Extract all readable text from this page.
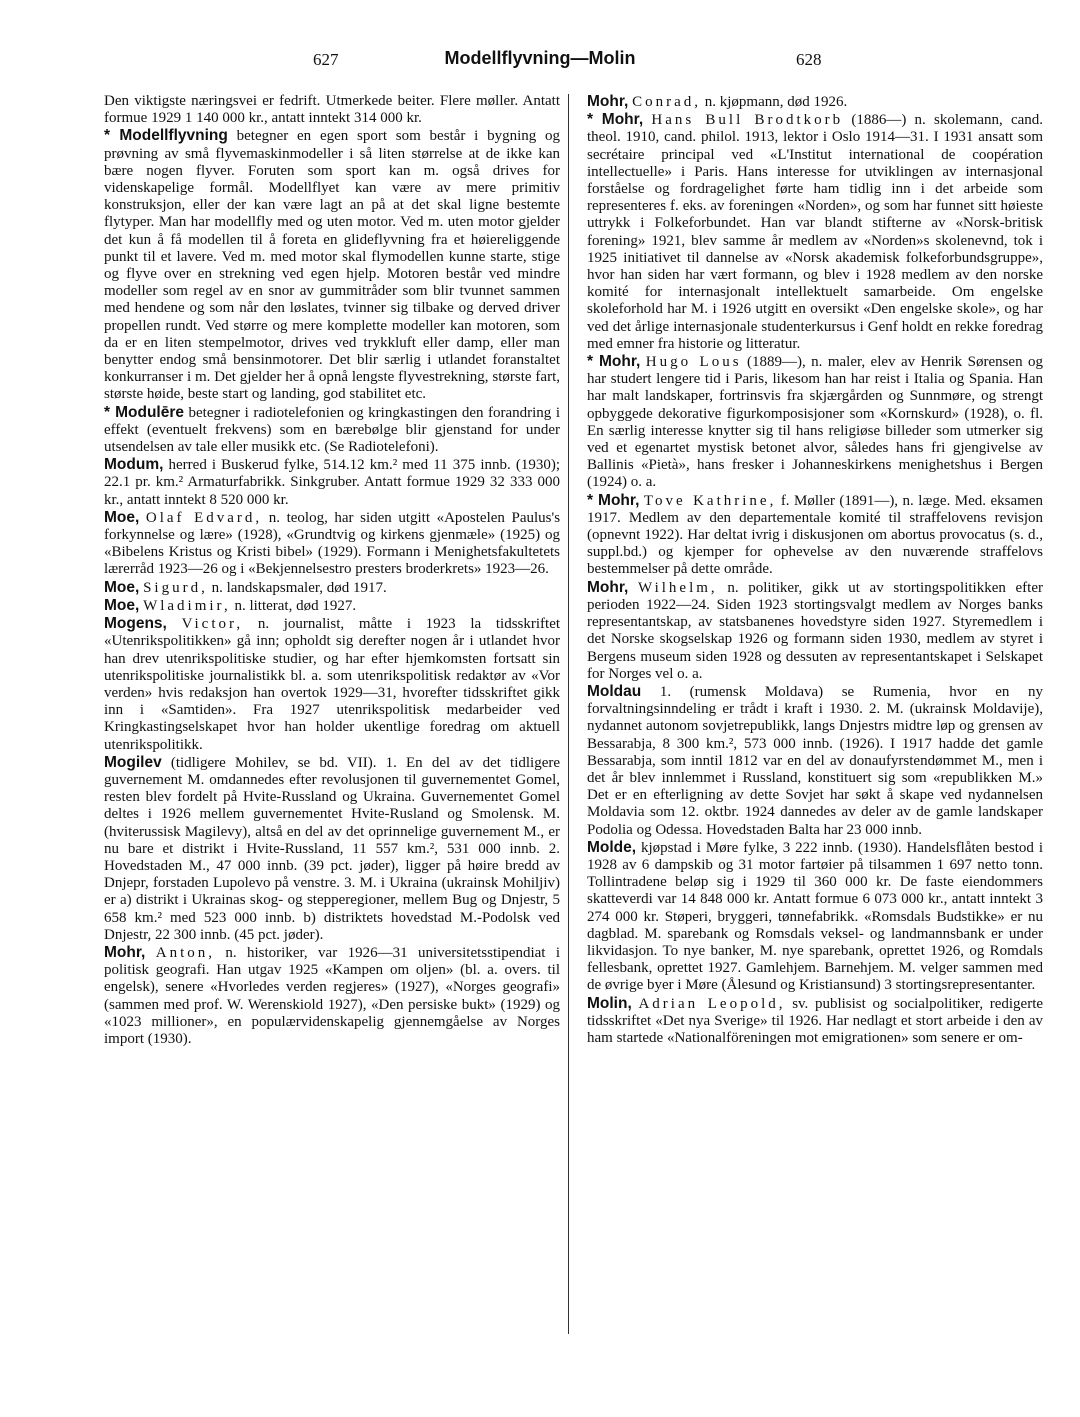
627	Modellflyvning—Molin	628

Den viktigste næringsvei er fedrift. Utmerkede beiter. Flere møller. Antatt formue 1929 1 140 000 kr., antatt inntekt 314 000 kr.

* Modellflyvning betegner en egen sport som består i bygning og prøvning av små flyvemaskinmodeller i så liten størrelse at de ikke kan bære nogen flyver. Foruten som sport kan m. også drives for videnskapelige formål. Modellflyet kan være av mere primitiv konstruksjon, eller der kan være lagt an på at det skal ligne bestemte flytyper. Man har modellfly med og uten motor. Ved m. uten motor gjelder det kun å få modellen til å foreta en glideflyvning fra et høiereliggende punkt til et lavere. Ved m. med motor skal flymodellen kunne starte, stige og flyve over en strekning ved egen hjelp. Motoren består ved mindre modeller som regel av en snor av gummitråder som blir tvunnet sammen med hendene og som når den løslates, tvinner sig tilbake og derved driver propellen rundt. Ved større og mere komplette modeller kan motoren, som da er en liten stempelmotor, drives ved trykkluft eller damp, eller man benytter endog små bensinmotorer. Det blir særlig i utlandet foranstaltet konkurranser i m. Det gjelder her å opnå lengste flyvestrekning, største fart, største høide, beste start og landing, god stabilitet etc.

* Modulēre betegner i radiotelefonien og kringkastingen den forandring i effekt (eventuelt frekvens) som en bærebølge blir gjenstand for under utsendelsen av tale eller musikk etc. (Se Radiotelefoni).

Modum, herred i Buskerud fylke, 514.12 km.² med 11 375 innb. (1930); 22.1 pr. km.² Armaturfabrikk. Sinkgruber. Antatt formue 1929 32 333 000 kr., antatt inntekt 8 520 000 kr.

Moe, Olaf Edvard, n. teolog, har siden utgitt «Apostelen Paulus's forkynnelse og lære» (1928), «Grundtvig og kirkens gjenmæle» (1925) og «Bibelens Kristus og Kristi bibel» (1929). Formann i Menighetsfakultetets lærerråd 1923—26 og i «Bekjennelsestro presters broderkrets» 1923—26.

Moe, Sigurd, n. landskapsmaler, død 1917.

Moe, Wladimir, n. litterat, død 1927.

Mogens, Victor, n. journalist, måtte i 1923 la tidsskriftet «Utenrikspolitikken» gå inn; opholdt sig derefter nogen år i utlandet hvor han drev utenrikspolitiske studier, og har efter hjemkomsten fortsatt sin utenrikspolitiske journalistikk bl. a. som utenrikspolitisk redaktør av «Vor verden» hvis redaksjon han overtok 1929—31, hvorefter tidsskriftet gikk inn i «Samtiden». Fra 1927 utenrikspolitisk medarbeider ved Kringkastingselskapet hvor han holder ukentlige foredrag om aktuell utenrikspolitikk.

Mogilev (tidligere Mohilev, se bd. VII). 1. En del av det tidligere guvernement M. omdannedes efter revolusjonen til guvernementet Gomel, resten blev fordelt på Hvite-Russland og Ukraina. Guvernementet Gomel deltes i 1926 mellem guvernementet Hvite-Rusland og Smolensk. M. (hviterussisk Magilevy), altså en del av det oprinnelige guvernement M., er nu bare et distrikt i Hvite-Russland, 11 557 km.², 531 000 innb. 2. Hovedstaden M., 47 000 innb. (39 pct. jøder), ligger på høire bredd av Dnjepr, forstaden Lupolevo på venstre. 3. M. i Ukraina (ukrainsk Mohiljiv) er a) distrikt i Ukrainas skog- og stepperegioner, mellem Bug og Dnjestr, 5 658 km.² med 523 000 innb. b) distriktets hovedstad M.-Podolsk ved Dnjestr, 22 300 innb. (45 pct. jøder).

Mohr, Anton, n. historiker, var 1926—31 universitetsstipendiat i politisk geografi. Han utgav 1925 «Kampen om oljen» (bl. a. overs. til engelsk), senere «Hvorledes verden regjeres» (1927), «Norges geografi» (sammen med prof. W. Werenskiold 1927), «Den persiske bukt» (1929) og «1023 millioner», en populærvidenskapelig gjennemgåelse av Norges import (1930).

Mohr, Conrad, n. kjøpmann, død 1926.

* Mohr, Hans Bull Brodtkorb (1886—) n. skolemann, cand. theol. 1910, cand. philol. 1913, lektor i Oslo 1914—31. I 1931 ansatt som secrétaire principal ved «L'Institut international de coopération intellectuelle» i Paris. Hans interesse for utviklingen av internasjonal forståelse og fordragelighet førte ham tidlig inn i det arbeide som representeres f. eks. av foreningen «Norden», og som har funnet sitt høieste uttrykk i Folkeforbundet. Han var blandt stifterne av «Norsk-britisk forening» 1921, blev samme år medlem av «Norden»s skolenevnd, tok i 1925 initiativet til dannelse av «Norsk akademisk folkeforbundsgruppe», hvor han siden har vært formann, og blev i 1928 medlem av den norske komité for internasjonalt intellektuelt samarbeide. Om engelske skoleforhold har M. i 1926 utgitt en oversikt «Den engelske skole», og har ved det årlige internasjonale studenterkursus i Genf holdt en rekke foredrag med emner fra historie og litteratur.

* Mohr, Hugo Lous (1889—), n. maler, elev av Henrik Sørensen og har studert lengere tid i Paris, likesom han har reist i Italia og Spania. Han har malt landskaper, fortrinsvis fra skjærgården og Sunnmøre, og strengt opbyggede dekorative figurkomposisjoner som «Kornskurd» (1928), o. fl. En særlig interesse knytter sig til hans religiøse billeder som utmerker sig ved et egenartet mystisk betonet alvor, således hans fri gjengivelse av Ballinis «Pietà», hans fresker i Johanneskirkens menighetshus i Bergen (1924) o. a.

* Mohr, Tove Kathrine, f. Møller (1891—), n. læge. Med. eksamen 1917. Medlem av den departementale komité til straffelovens revisjon (opnevnt 1922). Har deltat ivrig i diskusjonen om abortus provocatus (s. d., suppl.bd.) og kjemper for ophevelse av den nuværende straffelovs bestemmelser på dette område.

Mohr, Wilhelm, n. politiker, gikk ut av stortingspolitikken efter perioden 1922—24. Siden 1923 stortingsvalgt medlem av Norges banks representantskap, av statsbanenes hovedstyre siden 1927. Styremedlem i det Norske skogselskap 1926 og formann siden 1930, medlem av styret i Bergens museum siden 1928 og dessuten av representantskapet i Selskapet for Norges vel o. a.

Moldau 1. (rumensk Moldava) se Rumenia, hvor en ny forvaltningsinndeling er trådt i kraft i 1930. 2. M. (ukrainsk Moldavije), nydannet autonom sovjetrepublikk, langs Dnjestrs midtre løp og grensen av Bessarabja, 8 300 km.², 573 000 innb. (1926). I 1917 hadde det gamle Bessarabja, som inntil 1812 var en del av donaufyrstendømmet M., men i det år blev innlemmet i Russland, konstituert sig som «republikken M.» Det er en efterligning av dette Sovjet har søkt å skape ved nydannelsen Moldavia som 12. oktbr. 1924 dannedes av deler av de gamle landskaper Podolia og Odessa. Hovedstaden Balta har 23 000 innb.

Molde, kjøpstad i Møre fylke, 3 222 innb. (1930). Handelsflåten bestod i 1928 av 6 dampskib og 31 motor fartøier på tilsammen 1 697 netto tonn. Tollintradene beløp sig i 1929 til 360 000 kr. De faste eiendommers skatteverdi var 14 848 000 kr. Antatt formue 6 073 000 kr., antatt inntekt 3 274 000 kr. Støperi, bryggeri, tønnefabrikk. «Romsdals Budstikke» er nu dagblad. M. sparebank og Romsdals veksel- og landmannsbank er under likvidasjon. To nye banker, M. nye sparebank, oprettet 1926, og Romdals fellesbank, oprettet 1927. Gamlehjem. Barnehjem. M. velger sammen med de øvrige byer i Møre (Ålesund og Kristiansund) 3 stortingsrepresentanter.

Molin, Adrian Leopold, sv. publisist og socialpolitiker, redigerte tidsskriftet «Det nya Sverige» til 1926. Har nedlagt et stort arbeide i den av ham startede «Nationalföreningen mot emigrationen» som senere er om-
